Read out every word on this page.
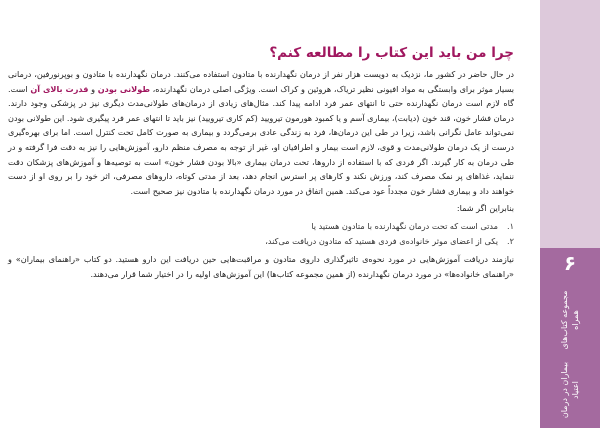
چرا من باید این کتاب را مطالعه کنم؟

در حال حاضر در کشور ما، نزدیک به دویست هزار نفر از درمان نگهدارنده با متادون استفاده می‌کنند. درمان نگهدارنده با متادون و بوپرنورفین، درمانی بسیار موثر برای وابستگی به مواد افیونی نظیر تریاک، هروئین و کراک است. ویژگی اصلی درمان نگهدارنده، طولانی بودن و قدرت بالای آن است. گاه لازم است درمان نگهدارنده حتی تا انتهای عمر فرد ادامه پیدا کند. مثال‌های زیادی از درمان‌های طولانی‌مدت دیگری نیز در پزشکی وجود دارند. درمان فشار خون، قند خون (دیابت)، بیماری آسم و یا کمبود هورمون تیرویید (کم کاری تیرویید) نیز باید تا انتهای عمر فرد پیگیری شود. این طولانی بودن نمی‌تواند عامل نگرانی باشد، زیرا در طی این درمان‌ها، فرد به زندگی عادی برمی‌گردد و بیماری به صورت کامل تحت کنترل است. اما برای بهره‌گیری درست از یک درمان طولانی‌مدت و قوی، لازم است بیمار و اطرافیان او، غیر از توجه به مصرف منظم دارو، آموزش‌هایی را نیز به دقت فرا گرفته و در طی درمان به کار گیرند. اگر فردی که با استفاده از داروها، تحت درمان بیماری «بالا بودن فشار خون» است به توصیه‌ها و آموزش‌های پزشکان دقت ننماید، غذاهای پر نمک مصرف کند، ورزش نکند و کارهای پر استرس انجام دهد، بعد از مدتی کوتاه، داروهای مصرفی، اثر خود را بر روی او از دست خواهند داد و بیماری فشار خون مجدداً عود می‌کند. همین اتفاق در مورد درمان نگهدارنده با متادون نیز صحیح است.

بنابراین اگر شما:

۱.
مدتی است که تحت درمان نگهدارنده با متادون هستید یا
۲.
یکی از اعضای موثر خانواده‌ی فردی هستید که متادون دریافت می‌کند،

نیازمند دریافت آموزش‌هایی در مورد نحوه‌ی تاثیرگذاری داروی متادون و مراقبت‌هایی حین دریافت این دارو هستید. دو کتاب «راهنمای بیماران» و «راهنمای خانواده‌ها» در مورد درمان نگهدارنده (از همین مجموعه کتاب‌ها) این آموزش‌های اولیه را در اختیار شما قرار می‌دهند.	۶
مجموعه کتاب‌های همراه

بیماران در درمان اعتیاد
